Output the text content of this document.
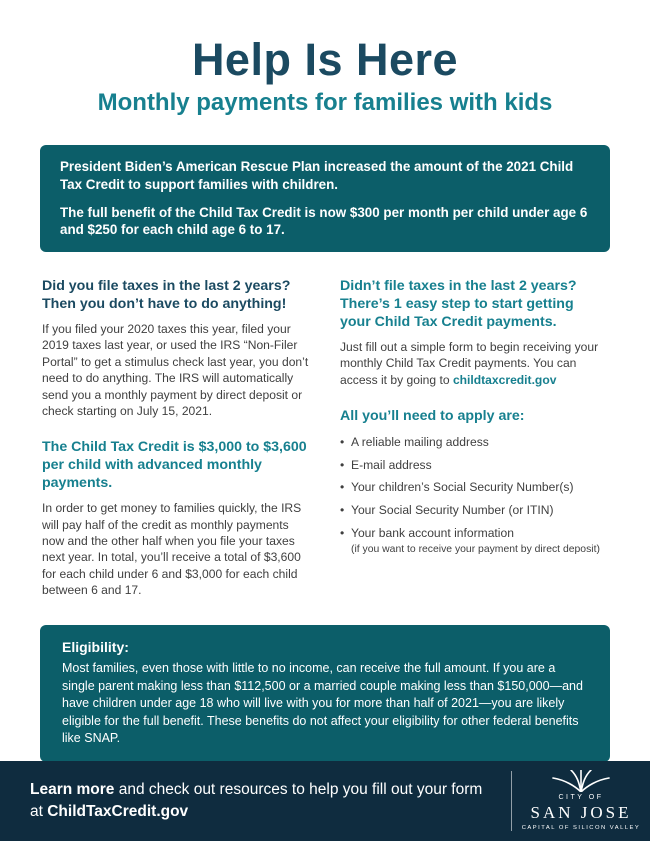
Help Is Here
Monthly payments for families with kids

President Biden’s American Rescue Plan increased the amount of the 2021 Child Tax Credit to support families with children.

The full benefit of the Child Tax Credit is now $300 per month per child under age 6 and $250 for each child age 6 to 17.

Did you file taxes in the last 2 years? Then you don’t have to do anything!

If you filed your 2020 taxes this year, filed your 2019 taxes last year, or used the IRS “Non-Filer Portal” to get a stimulus check last year, you don’t need to do anything. The IRS will automatically send you a monthly payment by direct deposit or check starting on July 15, 2021.

The Child Tax Credit is $3,000 to $3,600 per child with advanced monthly payments.

In order to get money to families quickly, the IRS will pay half of the credit as monthly payments now and the other half when you file your taxes next year. In total, you’ll receive a total of $3,600 for each child under 6 and $3,000 for each child between 6 and 17.

Didn’t file taxes in the last 2 years? There’s 1 easy step to start getting your Child Tax Credit payments.

Just fill out a simple form to begin receiving your monthly Child Tax Credit payments. You can access it by going to childtaxcredit.gov

All you’ll need to apply are:
• A reliable mailing address
• E-mail address
• Your children’s Social Security Number(s)
• Your Social Security Number (or ITIN)
• Your bank account information
(if you want to receive your payment by direct deposit)
Eligibility:

Most families, even those with little to no income, can receive the full amount. If you are a single parent making less than $112,500 or a married couple making less than $150,000—and have children under age 18 who will live with you for more than half of 2021—you are likely eligible for the full benefit. These benefits do not affect your eligibility for other federal benefits like SNAP.

Learn more and check out resources to help you fill out your form at ChildTaxCredit.gov

CITY OF
SAN JOSE
CAPITAL OF SILICON VALLEY
